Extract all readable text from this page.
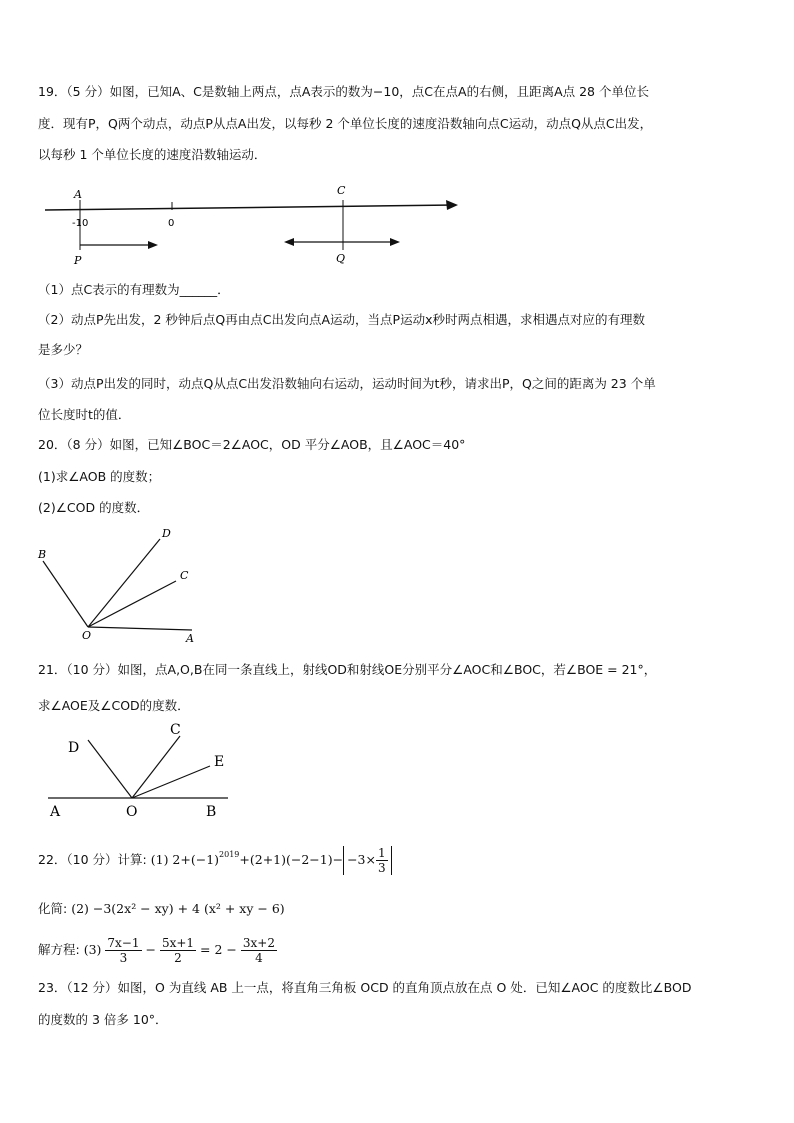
19．（5 分）如图，已知A、C是数轴上两点，点A表示的数为−10，点C在点A的右侧，且距离A点 28 个单位长
度．现有P，Q两个动点，动点P从点A出发，以每秒 2 个单位长度的速度沿数轴向点C运动，动点Q从点C出发，
以每秒 1 个单位长度的速度沿数轴运动．
A	C
-10	0
P	Q
（1）点C表示的有理数为______．
（2）动点P先出发，2 秒钟后点Q再由点C出发向点A运动，当点P运动x秒时两点相遇，求相遇点对应的有理数
是多少？
（3）动点P出发的同时，动点Q从点C出发沿数轴向右运动，运动时间为t秒，请求出P，Q之间的距离为 23 个单
位长度时t的值．
20．（8 分）如图，已知∠BOC＝2∠AOC，OD 平分∠AOB，且∠AOC＝40°
(1)求∠AOB 的度数；
(2)∠COD 的度数．
B
D
C
O	A
21．（10 分）如图，点A,O,B在同一条直线上，射线OD和射线OE分别平分∠AOC和∠BOC，若∠BOE = 21°，
求∠AOE及∠COD的度数．
D
C
E
A	O	B
22．（10 分）计算: (1) $2+(-1)^{2019}+(2+1)(-2-1)- -3\times \frac{1}{3}$
化简: (2) −3(2x² − xy) + 4 (x² + xy − 6)
解方程: $(3) \frac{7x-1}{3} - \frac{5x+1}{2} = 2 - \frac{3x+2}{4}$
23．（12 分）如图，O 为直线 AB 上一点，将直角三角板 OCD 的直角顶点放在点 O 处．已知∠AOC 的度数比∠BOD
的度数的 3 倍多 10°．
